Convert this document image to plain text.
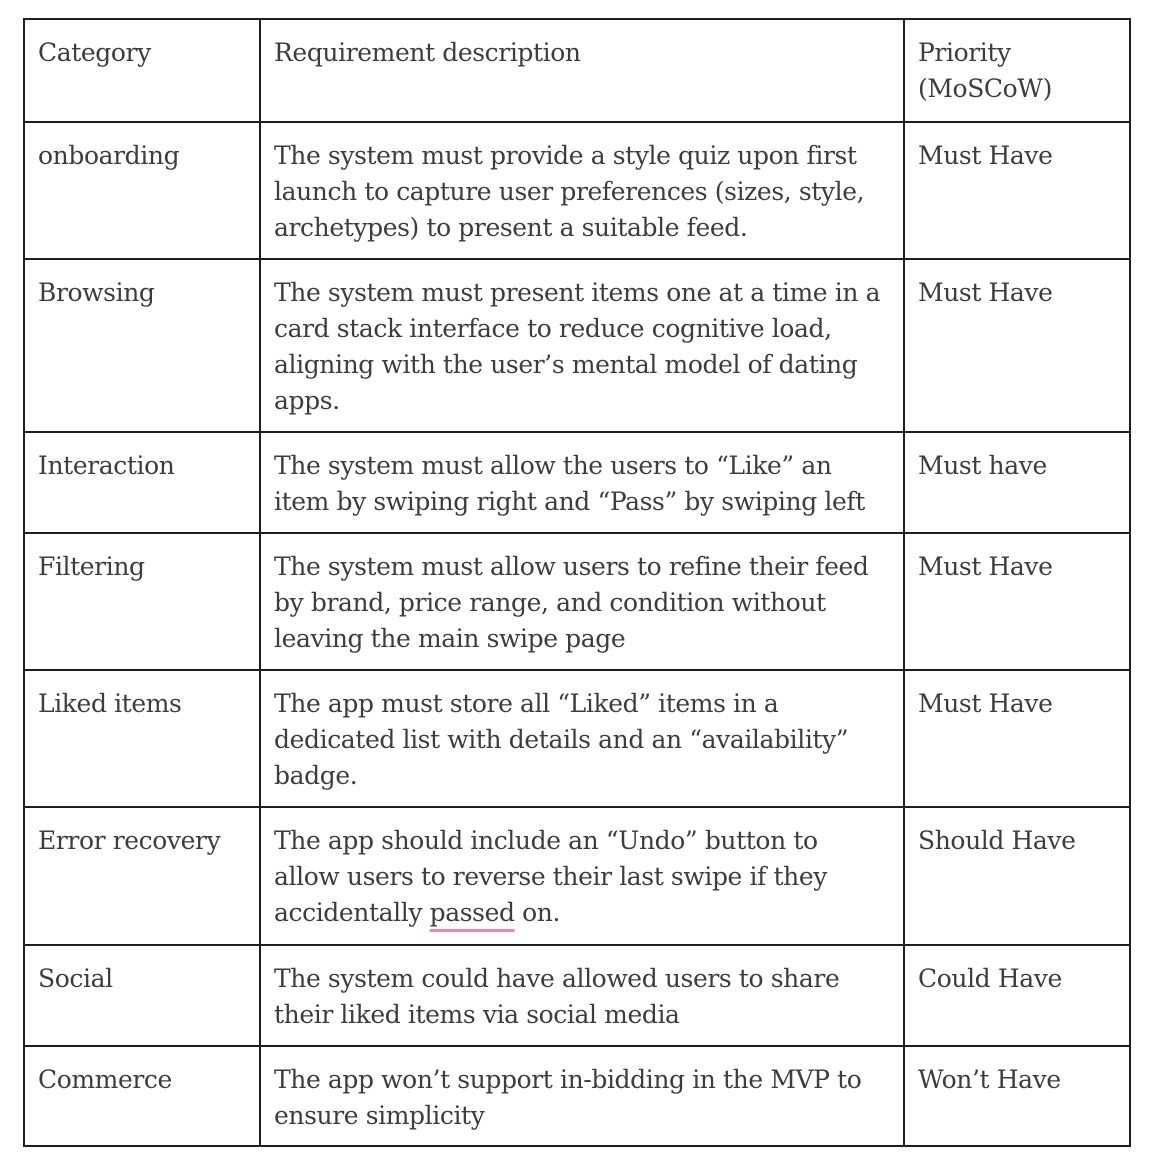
Category	Requirement description	Priority
(MoSCoW)
onboarding	The system must provide a style quiz upon first launch to capture user preferences (sizes, style, archetypes) to present a suitable feed.	Must Have
Browsing	The system must present items one at a time in a card stack interface to reduce cognitive load, aligning with the user’s mental model of dating apps.	Must Have
Interaction	The system must allow the users to “Like” an item by swiping right and “Pass” by swiping left	Must have
Filtering	The system must allow users to refine their feed by brand, price range, and condition without leaving the main swipe page	Must Have
Liked items	The app must store all “Liked” items in a dedicated list with details and an “availability” badge.	Must Have
Error recovery	The app should include an “Undo” button to allow users to reverse their last swipe if they accidentally passed on.	Should Have
Social	The system could have allowed users to share their liked items via social media	Could Have
Commerce	The app won’t support in-bidding in the MVP to ensure simplicity	Won’t Have
